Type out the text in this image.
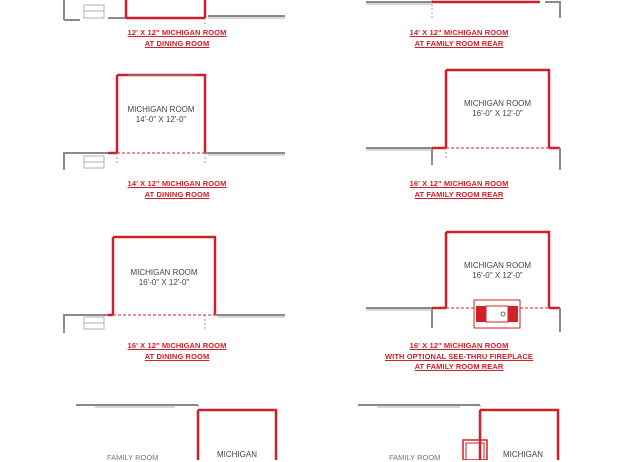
12' X 12" MICHIGAN ROOM
AT DINING ROOM
14' X 12" MICHIGAN ROOM
AT FAMILY ROOM REAR
MICHIGAN ROOM
14'-0" X 12'-0"
14' X 12" MICHIGAN ROOM
AT DINING ROOM
MICHIGAN ROOM
16'-0" X 12'-0"
16' X 12" MICHIGAN ROOM
AT FAMILY ROOM REAR
MICHIGAN ROOM
16'-0" X 12'-0"
16' X 12" MICHIGAN ROOM
AT DINING ROOM
MICHIGAN ROOM
16'-0" X 12'-0"
16' X 12" MICHIGAN ROOM
WITH OPTIONAL SEE-THRU FIREPLACE
AT FAMILY ROOM REAR
FAMILY ROOM	MICHIGAN	FAMILY ROOM	MICHIGAN
